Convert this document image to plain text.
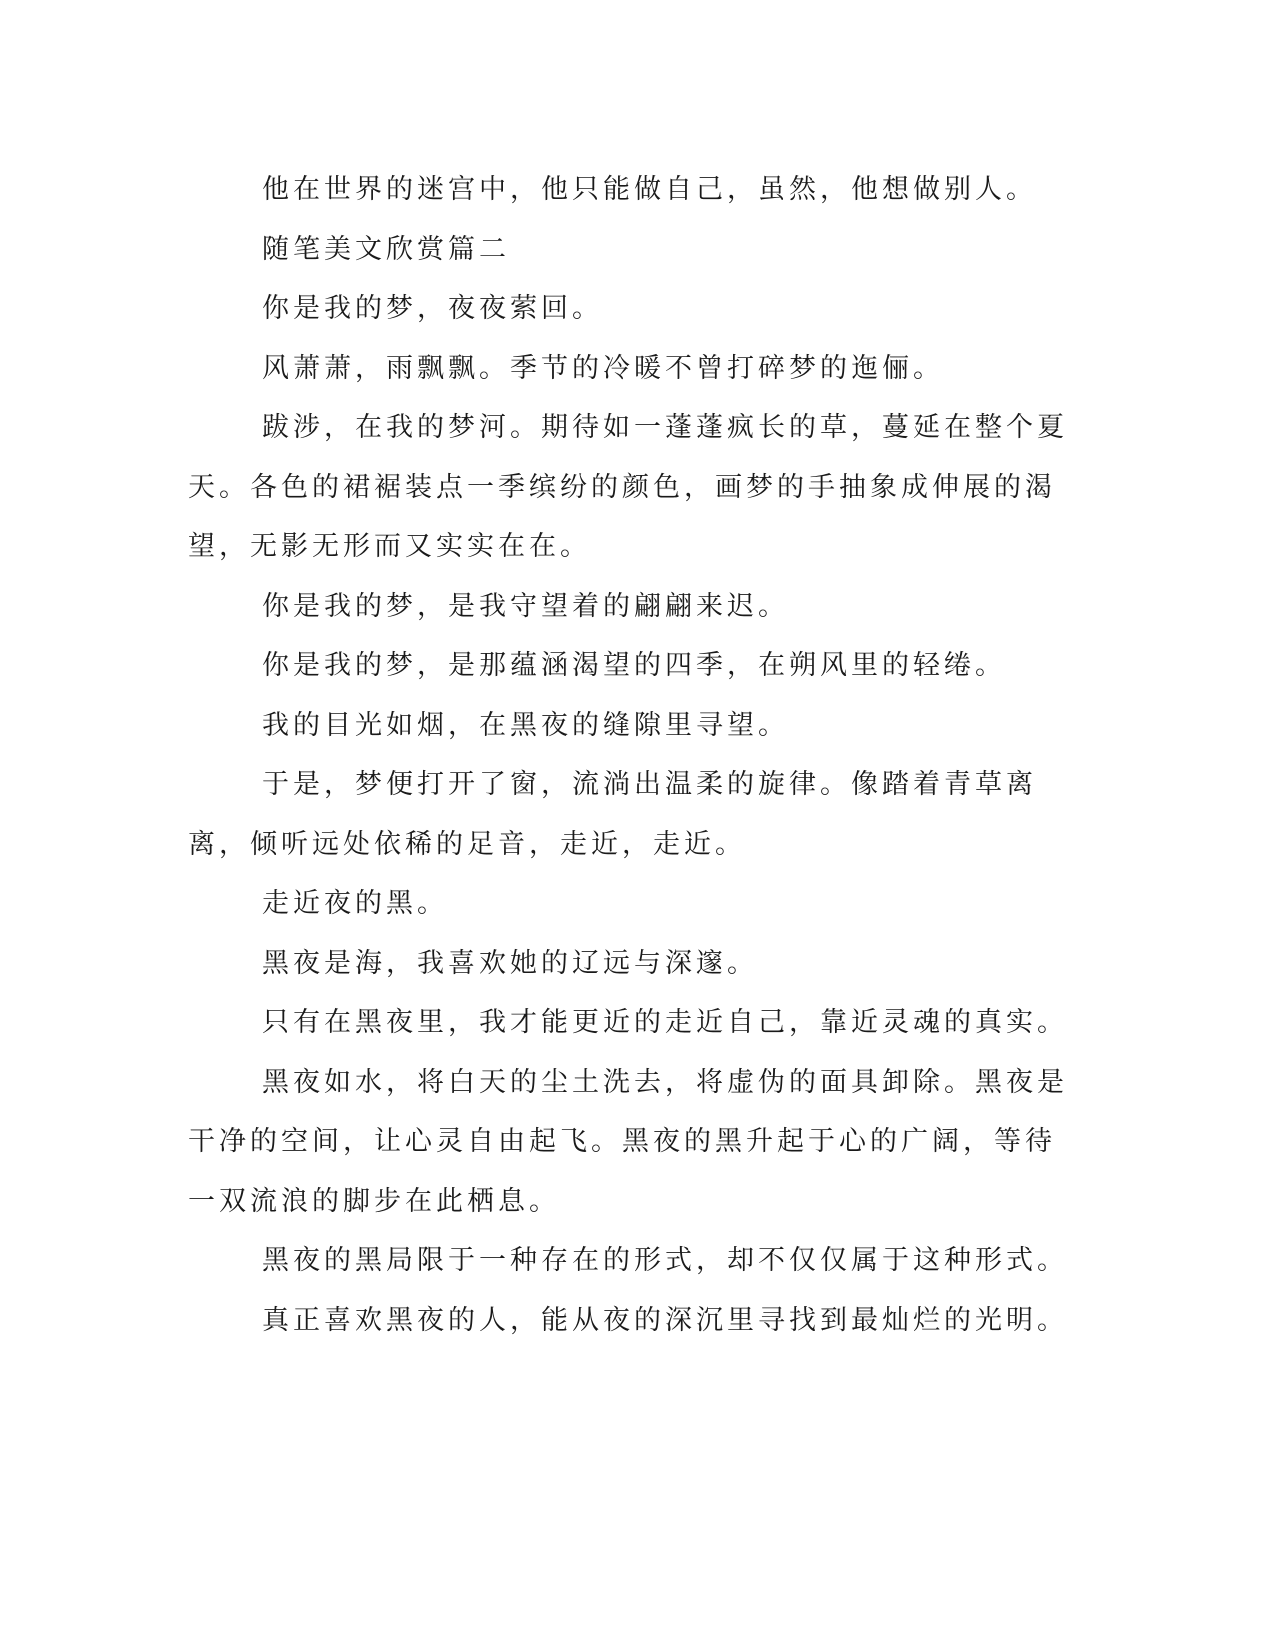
他在世界的迷宫中，他只能做自己，虽然，他想做别人。

随笔美文欣赏篇二

你是我的梦，夜夜萦回。

风萧萧，雨飘飘。季节的冷暖不曾打碎梦的迤俪。

跋涉，在我的梦河。期待如一蓬蓬疯长的草，蔓延在整个夏天。各色的裙裾装点一季缤纷的颜色，画梦的手抽象成伸展的渴望，无影无形而又实实在在。

你是我的梦，是我守望着的翩翩来迟。

你是我的梦，是那蕴涵渴望的四季，在朔风里的轻绻。

我的目光如烟，在黑夜的缝隙里寻望。

于是，梦便打开了窗，流淌出温柔的旋律。像踏着青草离离，倾听远处依稀的足音，走近，走近。

走近夜的黑。

黑夜是海，我喜欢她的辽远与深邃。

只有在黑夜里，我才能更近的走近自己，靠近灵魂的真实。

黑夜如水，将白天的尘土洗去，将虚伪的面具卸除。黑夜是干净的空间，让心灵自由起飞。黑夜的黑升起于心的广阔，等待一双流浪的脚步在此栖息。

黑夜的黑局限于一种存在的形式，却不仅仅属于这种形式。

真正喜欢黑夜的人，能从夜的深沉里寻找到最灿烂的光明。
